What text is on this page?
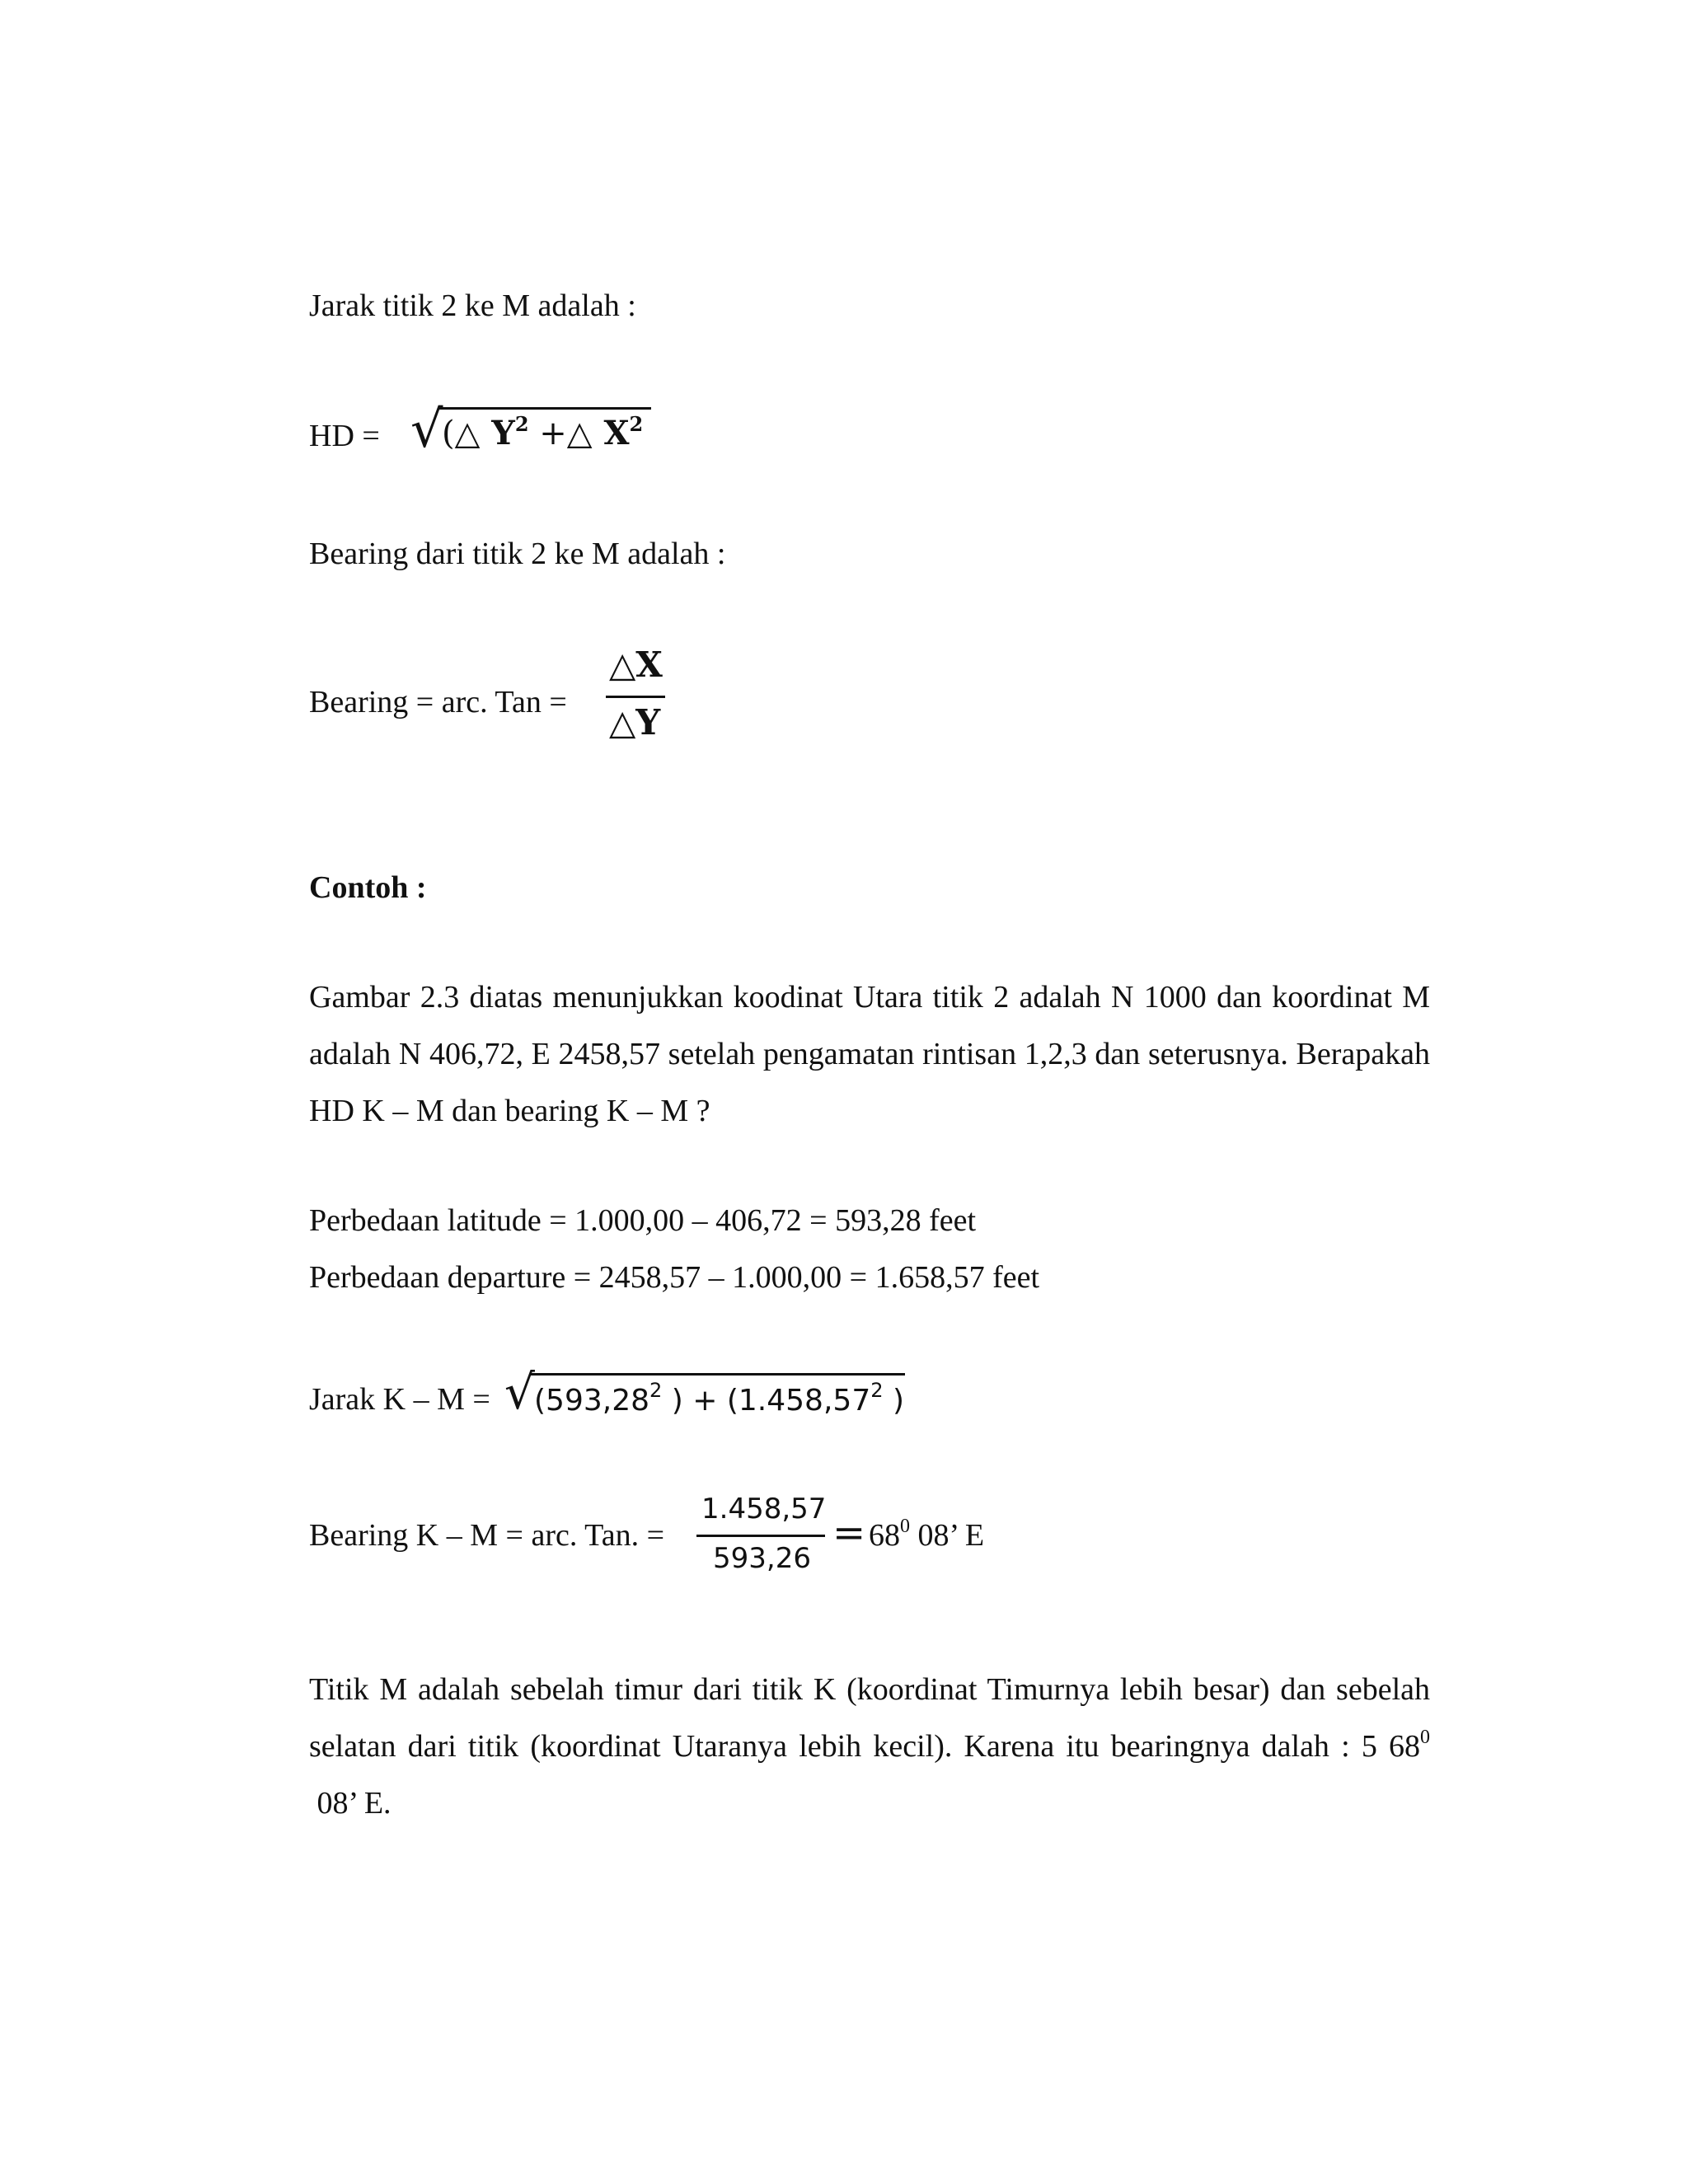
Jarak titik 2 ke M adalah :
HD = √
(△ $Y^2$ +△ $X^2$
Bearing dari titik 2 ke M adalah :
Bearing = arc. Tan =
△X
△Y
Contoh :
Gambar 2.3 diatas menunjukkan koodinat Utara titik 2 adalah N 1000 dan koordinat M adalah N 406,72, E 2458,57 setelah pengamatan rintisan 1,2,3 dan seterusnya. Berapakah HD K – M dan bearing K – M ?
Perbedaan latitude = 1.000,00 – 406,72 = 593,28 feet
Perbedaan departure = 2458,57 – 1.000,00 = 1.658,57 feet
Jarak K – M = √ (593,28$^2$ ) + ($1.458,57^2$ )
Bearing K – M = arc. Tan. =
1.458,57
593,26
= $68^0$ 08’ E
Titik M adalah sebelah timur dari titik K (koordinat Timurnya lebih besar) dan sebelah selatan dari titik (koordinat Utaranya lebih kecil). Karena itu bearingnya dalah : 5 $68^0$ 08’ E.
